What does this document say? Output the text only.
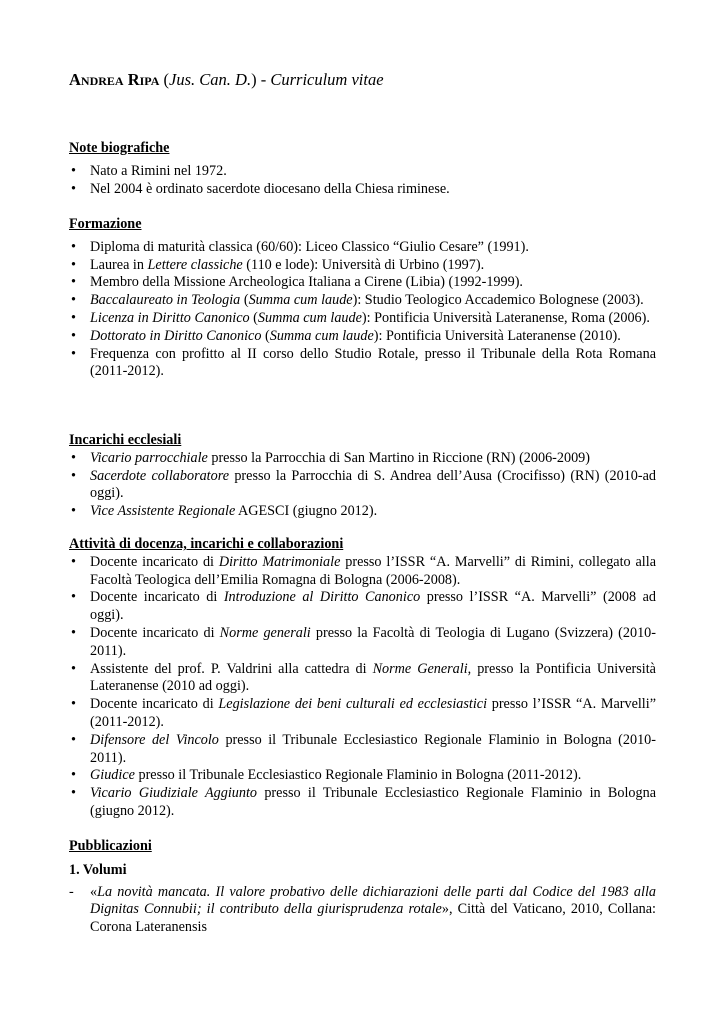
Andrea Ripa (Jus. Can. D.) - Curriculum vitae
Note biografiche
• Nato a Rimini nel 1972.
• Nel 2004 è ordinato sacerdote diocesano della Chiesa riminese.
Formazione
• Diploma di maturità classica (60/60): Liceo Classico “Giulio Cesare” (1991).
• Laurea in Lettere classiche (110 e lode): Università di Urbino (1997).
• Membro della Missione Archeologica Italiana a Cirene (Libia) (1992-1999).
• Baccalaureato in Teologia (Summa cum laude): Studio Teologico Accademico Bolognese (2003).
• Licenza in Diritto Canonico (Summa cum laude): Pontificia Università Lateranense, Roma (2006).
• Dottorato in Diritto Canonico (Summa cum laude): Pontificia Università Lateranense (2010).
• Frequenza con profitto al II corso dello Studio Rotale, presso il Tribunale della Rota Romana (2011-2012).
Incarichi ecclesiali
• Vicario parrocchiale presso la Parrocchia di San Martino in Riccione (RN) (2006-2009)
• Sacerdote collaboratore presso la Parrocchia di S. Andrea dell’Ausa (Crocifisso) (RN) (2010-ad oggi).
• Vice Assistente Regionale AGESCI (giugno 2012).
Attività di docenza, incarichi e collaborazioni
• Docente incaricato di Diritto Matrimoniale presso l’ISSR “A. Marvelli” di Rimini, collegato alla Facoltà Teologica dell’Emilia Romagna di Bologna (2006-2008).
• Docente incaricato di Introduzione al Diritto Canonico presso l’ISSR “A. Marvelli” (2008 ad oggi).
• Docente incaricato di Norme generali presso la Facoltà di Teologia di Lugano (Svizzera) (2010-2011).
• Assistente del prof. P. Valdrini alla cattedra di Norme Generali, presso la Pontificia Università Lateranense (2010 ad oggi).
• Docente incaricato di Legislazione dei beni culturali ed ecclesiastici presso l’ISSR “A. Marvelli” (2011-2012).
• Difensore del Vincolo presso il Tribunale Ecclesiastico Regionale Flaminio in Bologna (2010-2011).
• Giudice presso il Tribunale Ecclesiastico Regionale Flaminio in Bologna (2011-2012).
• Vicario Giudiziale Aggiunto presso il Tribunale Ecclesiastico Regionale Flaminio in Bologna (giugno 2012).
Pubblicazioni
1. Volumi
- «La novità mancata. Il valore probativo delle dichiarazioni delle parti dal Codice del 1983 alla Dignitas Connubii; il contributo della giurisprudenza rotale», Città del Vaticano, 2010, Collana: Corona Lateranensis
